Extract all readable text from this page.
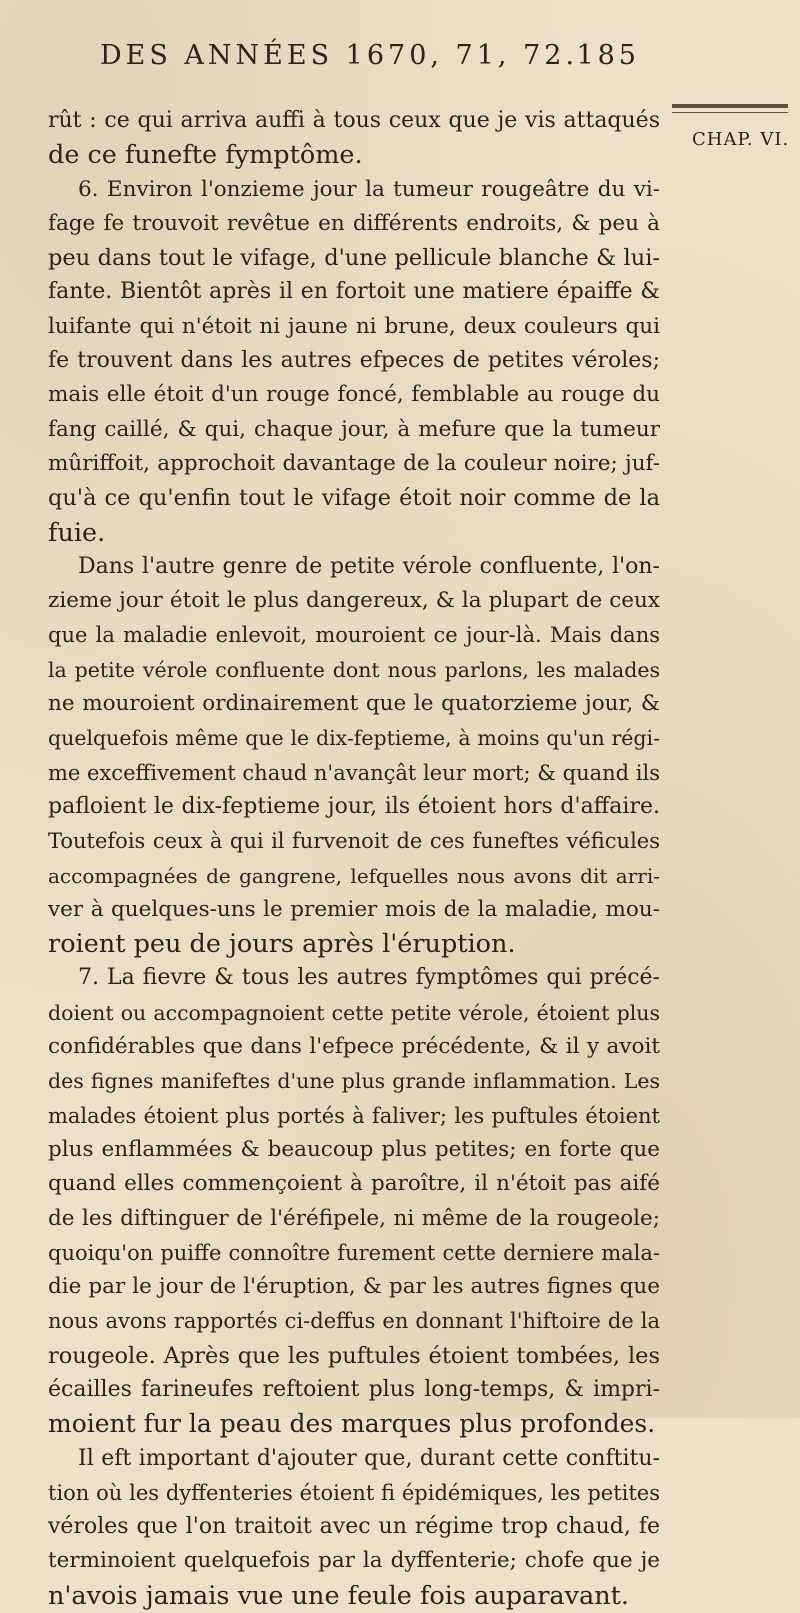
DES ANNÉES 1670, 71, 72.
185
CHAP. VI.
rût : ce qui arriva auffi à tous ceux que je vis attaqués
de ce funefte fymptôme.
6. Environ l'onzieme jour la tumeur rougeâtre du vi-
fage fe trouvoit revêtue en différents endroits, & peu à
peu dans tout le vifage, d'une pellicule blanche & lui-
fante. Bientôt après il en fortoit une matiere épaiffe &
luifante qui n'étoit ni jaune ni brune, deux couleurs qui
fe trouvent dans les autres efpeces de petites véroles;
mais elle étoit d'un rouge foncé, femblable au rouge du
fang caillé, & qui, chaque jour, à mefure que la tumeur
mûriffoit, approchoit davantage de la couleur noire; juf-
qu'à ce qu'enfin tout le vifage étoit noir comme de la
fuie.
Dans l'autre genre de petite vérole confluente, l'on-
zieme jour étoit le plus dangereux, & la plupart de ceux
que la maladie enlevoit, mouroient ce jour-là. Mais dans
la petite vérole confluente dont nous parlons, les malades
ne mouroient ordinairement que le quatorzieme jour, &
quelquefois même que le dix-feptieme, à moins qu'un régi-
me exceffivement chaud n'avançât leur mort; & quand ils
pafloient le dix-feptieme jour, ils étoient hors d'affaire.
Toutefois ceux à qui il furvenoit de ces funeftes véficules
accompagnées de gangrene, lefquelles nous avons dit arri-
ver à quelques-uns le premier mois de la maladie, mou-
roient peu de jours après l'éruption.
7. La fievre & tous les autres fymptômes qui précé-
doient ou accompagnoient cette petite vérole, étoient plus
confidérables que dans l'efpece précédente, & il y avoit
des fignes manifeftes d'une plus grande inflammation. Les
malades étoient plus portés à faliver; les puftules étoient
plus enflammées & beaucoup plus petites; en forte que
quand elles commençoient à paroître, il n'étoit pas aifé
de les diftinguer de l'éréfipele, ni même de la rougeole;
quoiqu'on puiffe connoître furement cette derniere mala-
die par le jour de l'éruption, & par les autres fignes que
nous avons rapportés ci-deffus en donnant l'hiftoire de la
rougeole. Après que les puftules étoient tombées, les
écailles farineufes reftoient plus long-temps, & impri-
moient fur la peau des marques plus profondes.
Il eft important d'ajouter que, durant cette conftitu-
tion où les dyffenteries étoient fi épidémiques, les petites
véroles que l'on traitoit avec un régime trop chaud, fe
terminoient quelquefois par la dyffenterie; chofe que je
n'avois jamais vue une feule fois auparavant.
